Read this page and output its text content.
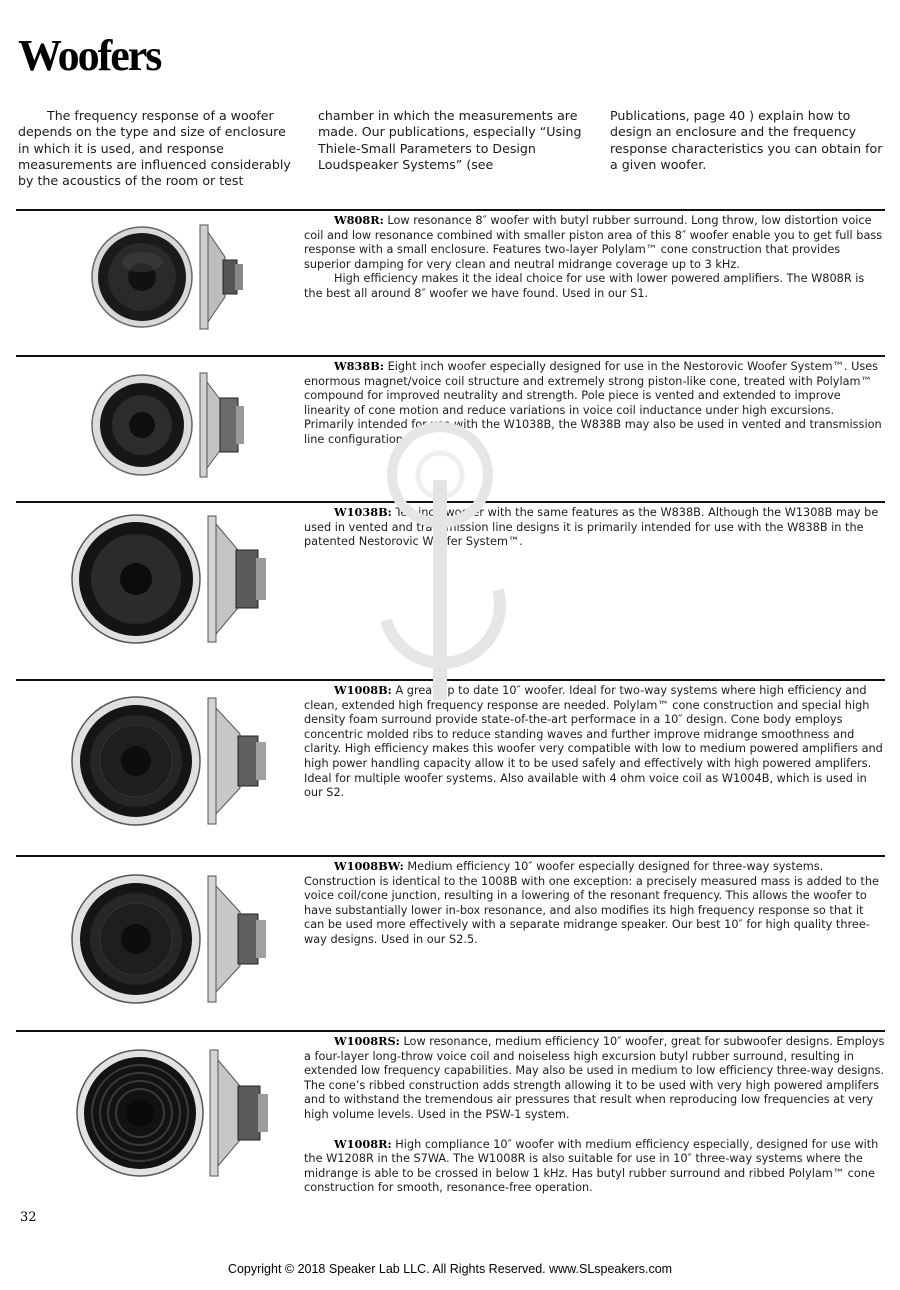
Woofers
The frequency response of a woofer depends on the type and size of enclosure in which it is used, and response measurements are influenced considerably by the acoustics of the room or test
chamber in which the measurements are made. Our publications, especially “Using Thiele-Small Parameters to Design Loudspeaker Systems” (see
Publications, page 40 ) explain how to design an enclosure and the frequency response characteristics you can obtain for a given woofer.

W808R: Low resonance 8″ woofer with butyl rubber surround. Long throw, low distortion voice coil and low resonance combined with smaller piston area of this 8″ woofer enable you to get full bass response with a small enclosure. Features two-layer Polylam™ cone construction that provides superior damping for very clean and neutral midrange coverage up to 3 kHz.

High efficiency makes it the ideal choice for use with lower powered amplifiers. The W808R is the best all around 8″ woofer we have found. Used in our S1.

W838B: Eight inch woofer especially designed for use in the Nestorovic Woofer System™. Uses enormous magnet/voice coil structure and extremely strong piston-like cone, treated with Polylam™ compound for improved neutrality and strength. Pole piece is vented and extended to improve linearity of cone motion and reduce variations in voice coil inductance under high excursions. Primarily intended for use with the W1038B, the W838B may also be used in vented and transmission line configurations.

W1038B: Ten inch woofer with the same features as the W838B. Although the W1308B may be used in vented and transmission line designs it is primarily intended for use with the W838B in the patented Nestorovic Woofer System™.

W1008B: A great up to date 10″ woofer. Ideal for two-way systems where high efficiency and clean, extended high frequency response are needed. Polylam™ cone construction and special high density foam surround provide state-of-the-art performace in a 10″ design. Cone body employs concentric molded ribs to reduce standing waves and further improve midrange smoothness and clarity. High efficiency makes this woofer very compatible with low to medium powered amplifiers and high power handling capacity allow it to be used safely and effectively with high powered amplifers. Ideal for multiple woofer systems. Also available with 4 ohm voice coil as W1004B, which is used in our S2.

W1008BW: Medium efficiency 10″ woofer especially designed for three-way systems. Construction is identical to the 1008B with one exception: a precisely measured mass is added to the voice coil/cone junction, resulting in a lowering of the resonant frequency. This allows the woofer to have substantially lower in-box resonance, and also modifies its high frequency response so that it can be used more effectively with a separate midrange speaker. Our best 10″ for high quality three-way designs. Used in our S2.5.

W1008RS: Low resonance, medium efficiency 10″ woofer, great for subwoofer designs. Employs a four-layer long-throw voice coil and noiseless high excursion butyl rubber surround, resulting in extended low frequency capabilities. May also be used in medium to low efficiency three-way designs. The cone’s ribbed construction adds strength allowing it to be used with very high powered amplifers and to withstand the tremendous air pressures that result when reproducing low frequencies at very high volume levels. Used in the PSW-1 system.

W1008R: High compliance 10″ woofer with medium efficiency especially, designed for use with the W1208R in the S7WA. The W1008R is also suitable for use in 10″ three-way systems where the midrange is able to be crossed in below 1 kHz. Has butyl rubber surround and ribbed Polylam™ cone construction for smooth, resonance-free operation.

32
Copyright © 2018 Speaker Lab LLC. All Rights Reserved. www.SLspeakers.com
